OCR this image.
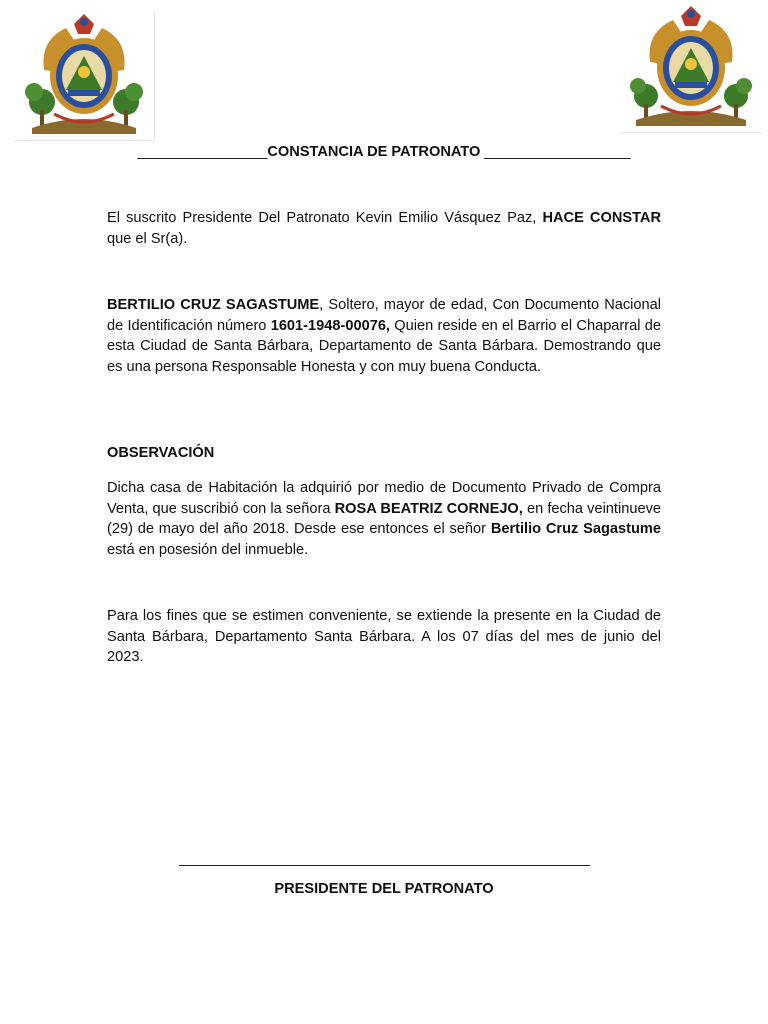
________________CONSTANCIA DE PATRONATO __________________

El suscrito Presidente Del Patronato Kevin Emilio Vásquez Paz, HACE CONSTAR que el Sr(a).

BERTILIO CRUZ SAGASTUME, Soltero, mayor de edad, Con Documento Nacional de Identificación número 1601-1948-00076, Quien reside en el Barrio el Chaparral de esta Ciudad de Santa Bárbara, Departamento de Santa Bárbara. Demostrando que es una persona Responsable Honesta y con muy buena Conducta.

OBSERVACIÓN

Dicha casa de Habitación la adquirió por medio de Documento Privado de Compra Venta, que suscribió con la señora ROSA BEATRIZ CORNEJO, en fecha veintinueve (29) de mayo del año 2018. Desde ese entonces el señor Bertilio Cruz Sagastume está en posesión del inmueble.

Para los fines que se estimen conveniente, se extiende la presente en la Ciudad de Santa Bárbara, Departamento Santa Bárbara. A los 07 días del mes de junio del 2023.

PRESIDENTE DEL PATRONATO
